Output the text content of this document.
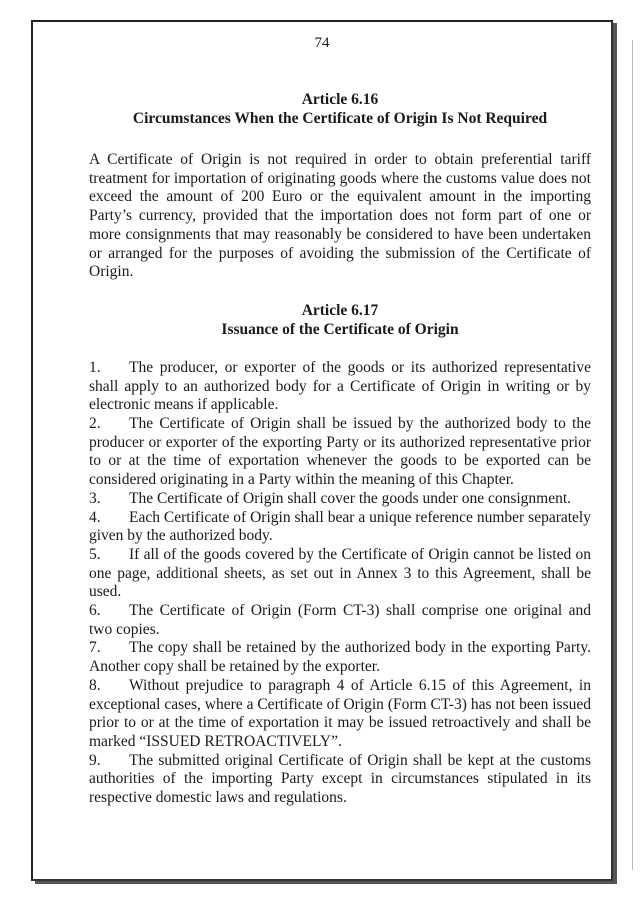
74
Article 6.16
Circumstances When the Certificate of Origin Is Not Required

A Certificate of Origin is not required in order to obtain preferential tariff treatment for importation of originating goods where the customs value does not exceed the amount of 200 Euro or the equivalent amount in the importing Party’s currency, provided that the importation does not form part of one or more consignments that may reasonably be considered to have been undertaken or arranged for the purposes of avoiding the submission of the Certificate of Origin.

Article 6.17
Issuance of the Certificate of Origin

1. The producer, or exporter of the goods or its authorized representative shall apply to an authorized body for a Certificate of Origin in writing or by electronic means if applicable.

2. The Certificate of Origin shall be issued by the authorized body to the producer or exporter of the exporting Party or its authorized representative prior to or at the time of exportation whenever the goods to be exported can be considered originating in a Party within the meaning of this Chapter.

3. The Certificate of Origin shall cover the goods under one consignment.

4. Each Certificate of Origin shall bear a unique reference number separately given by the authorized body.

5. If all of the goods covered by the Certificate of Origin cannot be listed on one page, additional sheets, as set out in Annex 3 to this Agreement, shall be used.

6. The Certificate of Origin (Form CT-3) shall comprise one original and two copies.

7. The copy shall be retained by the authorized body in the exporting Party. Another copy shall be retained by the exporter.

8. Without prejudice to paragraph 4 of Article 6.15 of this Agreement, in exceptional cases, where a Certificate of Origin (Form CT-3) has not been issued prior to or at the time of exportation it may be issued retroactively and shall be marked “ISSUED RETROACTIVELY”.

9. The submitted original Certificate of Origin shall be kept at the customs authorities of the importing Party except in circumstances stipulated in its respective domestic laws and regulations.
